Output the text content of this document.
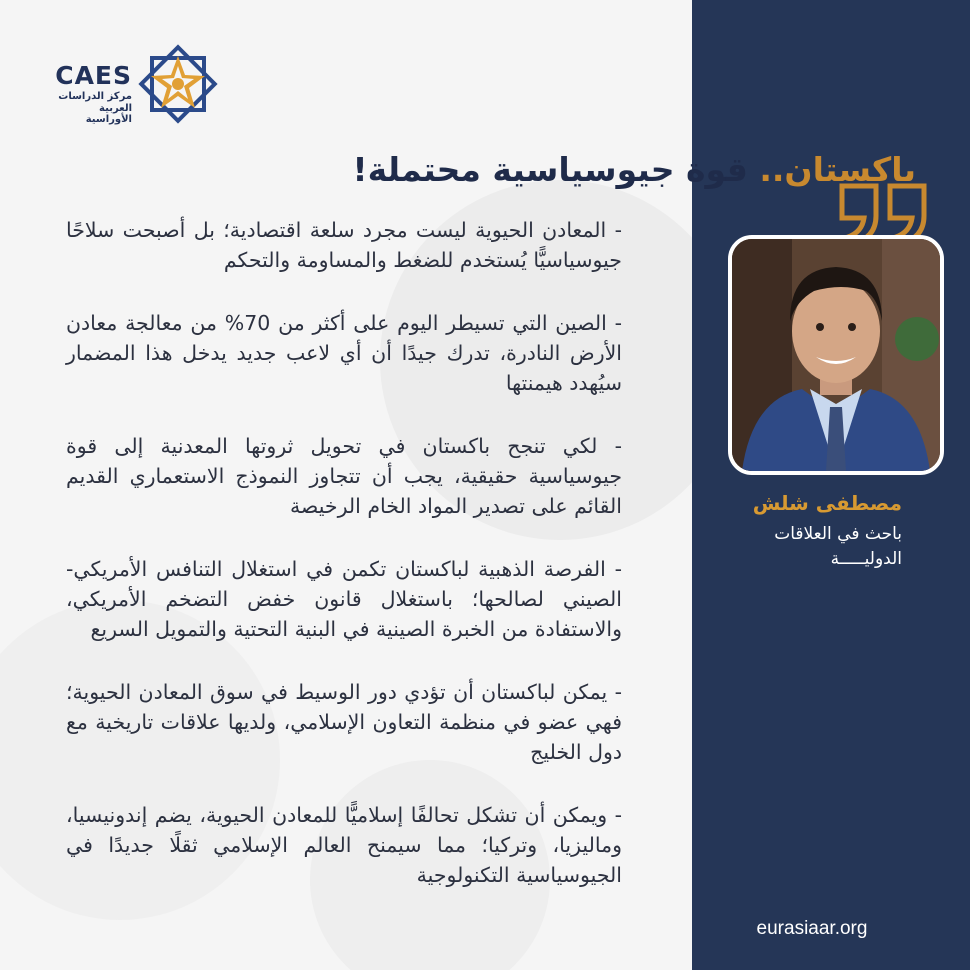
CAES
مركز الدراسات
العربية الأوراسية
باكستان.. قوة جيوسياسية محتملة!

- المعادن الحيوية ليست مجرد سلعة اقتصادية؛ بل أصبحت سلاحًا جيوسياسيًّا يُستخدم للضغط والمساومة والتحكم

- الصين التي تسيطر اليوم على أكثر من 70% من معالجة معادن الأرض النادرة، تدرك جيدًا أن أي لاعب جديد يدخل هذا المضمار سيُهدد هيمنتها

- لكي تنجح باكستان في تحويل ثروتها المعدنية إلى قوة جيوسياسية حقيقية، يجب أن تتجاوز النموذج الاستعماري القديم القائم على تصدير المواد الخام الرخيصة

- الفرصة الذهبية لباكستان تكمن في استغلال التنافس الأمريكي- الصيني لصالحها؛ باستغلال قانون خفض التضخم الأمريكي، والاستفادة من الخبرة الصينية في البنية التحتية والتمويل السريع

- يمكن لباكستان أن تؤدي دور الوسيط في سوق المعادن الحيوية؛ فهي عضو في منظمة التعاون الإسلامي، ولديها علاقات تاريخية مع دول الخليج

- ويمكن أن تشكل تحالفًا إسلاميًّا للمعادن الحيوية، يضم إندونيسيا، وماليزيا، وتركيا؛ مما سيمنح العالم الإسلامي ثقلًا جديدًا في الجيوسياسية التكنولوجية

مصطفى شلش
باحث في العلاقات
الدوليـــــة
eurasiaar.org
